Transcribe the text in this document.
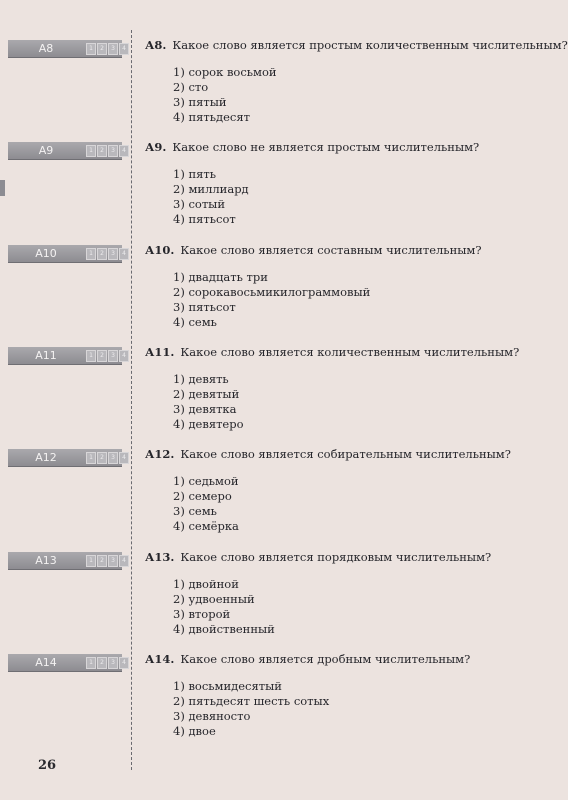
А8	1	2	3	4 А8. Какое слово является простым количественным числительным?
1) сорок восьмой
2) сто
3) пятый
4) пятьдесят
А9	1	2	3	4 А9. Какое слово не является простым числительным?
1) пять
2) миллиард
3) сотый
4) пятьсот
А10	1	2	3	4 А10. Какое слово является составным числительным?
1) двадцать три
2) сорокавосьмикилограммовый
3) пятьсот
4) семь
А11	1	2	3	4 А11. Какое слово является количественным числительным?
1) девять
2) девятый
3) девятка
4) девятеро
А12	1	2	3	4 А12. Какое слово является собирательным числительным?
1) седьмой
2) семеро
3) семь
4) семёрка
А13	1	2	3	4 А13. Какое слово является порядковым числительным?
1) двойной
2) удвоенный
3) второй
4) двойственный
А14	1	2	3	4 А14. Какое слово является дробным числительным?
1) восьмидесятый
2) пятьдесят шесть сотых
3) девяносто
4) двое
26
